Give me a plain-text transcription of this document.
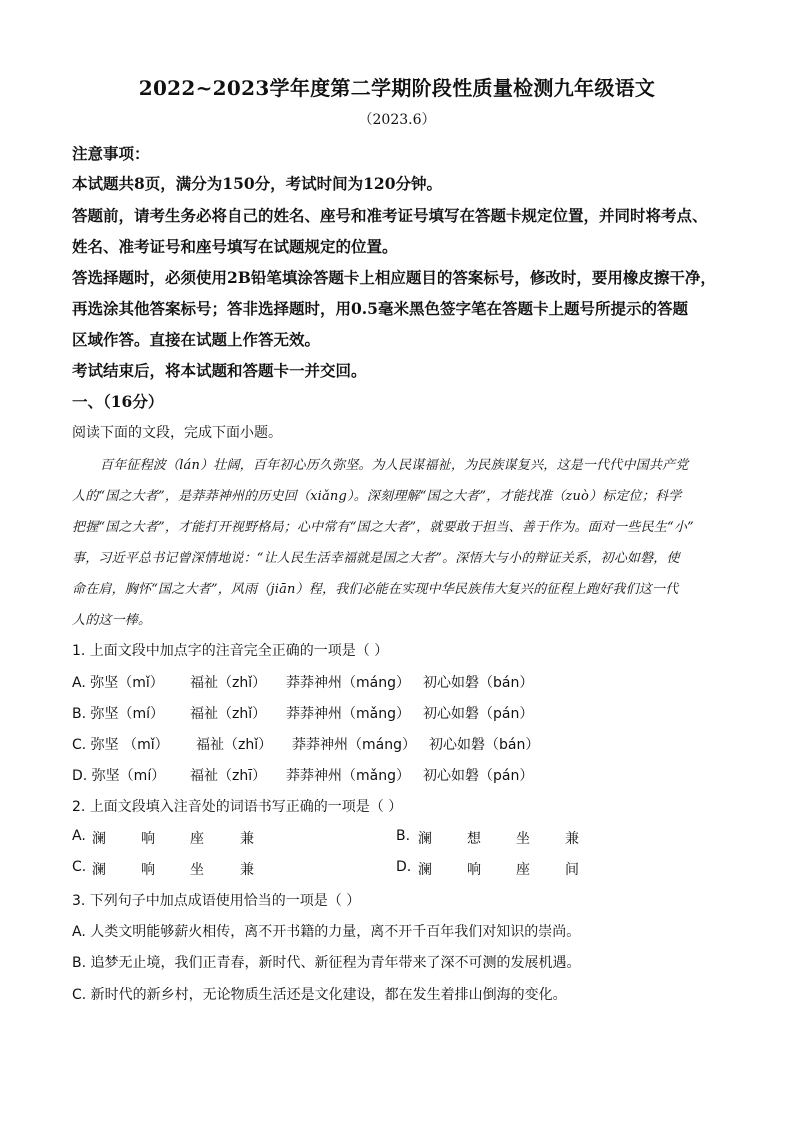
2022~2023学年度第二学期阶段性质量检测九年级语文
（2023.6）
注意事项：
本试题共8页，满分为150分，考试时间为120分钟。
答题前，请考生务必将自己的姓名、座号和准考证号填写在答题卡规定位置，并同时将考点、
姓名、准考证号和座号填写在试题规定的位置。
答选择题时，必须使用2B铅笔填涂答题卡上相应题目的答案标号，修改时，要用橡皮擦干净，
再选涂其他答案标号；答非选择题时，用0.5毫米黑色签字笔在答题卡上题号所提示的答题
区域作答。直接在试题上作答无效。
考试结束后，将本试题和答题卡一并交回。
一、（16分）
阅读下面的文段，完成下面小题。
百年征程波（lán）壮阔，百年初心历久弥坚。为人民谋福祉，为民族谋复兴，这是一代代中国共产党
人的“国之大者”，是莽莽神州的历史回（xiǎng）。深刻理解“国之大者”，才能找准（zuò）标定位；科学
把握“国之大者”，才能打开视野格局；心中常有“国之大者”，就要敢于担当、善于作为。面对一些民生“小”
事，习近平总书记曾深情地说：“让人民生活幸福就是国之大者”。深悟大与小的辩证关系，初心如磐，使
命在肩，胸怀“国之大者”，风雨（jiān）程，我们必能在实现中华民族伟大复兴的征程上跑好我们这一代
人的这一棒。
1. 上面文段中加点字的注音完全正确的一项是（ ）
A. 弥坚（mǐ） 福祉（zhǐ） 莽莽神州（máng） 初心如磐（bán）
B. 弥坚（mí） 福祉（zhǐ） 莽莽神州（mǎng） 初心如磐（pán）
C. 弥坚 （mǐ） 福祉（zhǐ） 莽莽神州（máng） 初心如磐（bán）
D. 弥坚（mí） 福祉（zhī） 莽莽神州（mǎng） 初心如磐（pán）
2. 上面文段填入注音处的词语书写正确的一项是（ ）
A. 澜	响	座	兼	B. 澜	想	坐	兼
C. 澜	响	坐	兼	D. 澜	响	座	间
3. 下列句子中加点成语使用恰当的一项是（ ）
A. 人类文明能够薪火相传，离不开书籍的力量，离不开千百年我们对知识的崇尚。
B. 追梦无止境，我们正青春，新时代、新征程为青年带来了深不可测的发展机遇。
C. 新时代的新乡村，无论物质生活还是文化建设，都在发生着排山倒海的变化。
